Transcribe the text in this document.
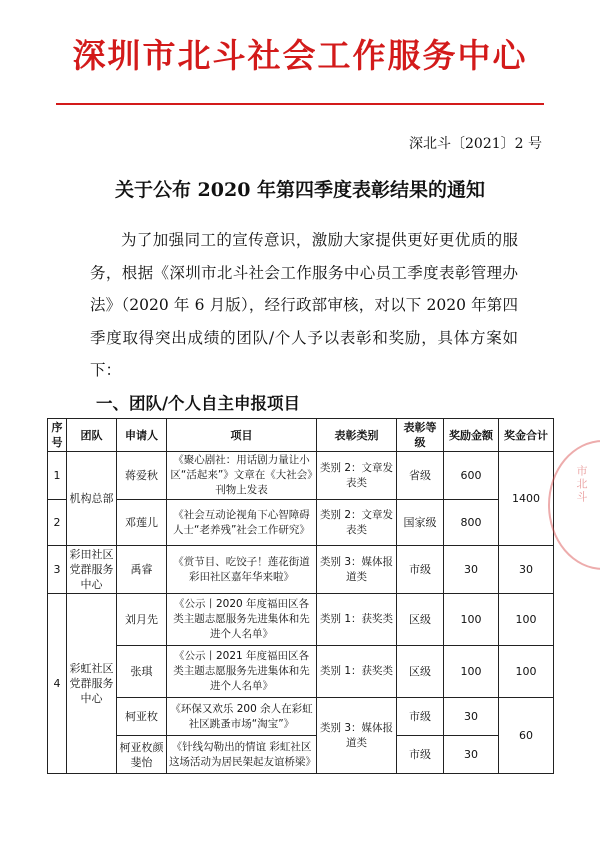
深圳市北斗社会工作服务中心
深北斗〔2021〕2 号
关于公布 2020 年第四季度表彰结果的通知

为了加强同工的宣传意识，激励大家提供更好更优质的服务，根据《深圳市北斗社会工作服务中心员工季度表彰管理办法》（2020 年 6 月版），经行政部审核，对以下 2020 年第四季度取得突出成绩的团队/个人予以表彰和奖励，具体方案如下：

一、团队/个人自主申报项目
序号	团队	申请人	项目	表彰类别	表彰等级	奖励金额	奖金合计
1	机构总部	蒋爱秋	《聚心剧社：用话剧力量让小区“活起来”》文章在《大社会》刊物上发表	类别 2：文章发表类	省级	600	1400
2		邓莲儿	《社会互动论视角下心智障碍人士“老养残”社会工作研究》	类别 2：文章发表类	国家级	800	
3	彩田社区党群服务中心	禹睿	《赏节目、吃饺子！莲花街道彩田社区嘉年华来啦》	类别 3：媒体报道类	市级	30	30
4	彩虹社区党群服务中心	刘月先	《公示丨2020 年度福田区各类主题志愿服务先进集体和先进个人名单》	类别 1：获奖类	区级	100	100
		张琪	《公示丨2021 年度福田区各类主题志愿服务先进集体和先进个人名单》	类别 1：获奖类	区级	100	100
		柯亚枚	《环保又欢乐 200 余人在彩虹社区跳蚤市场“淘宝”》	类别 3：媒体报道类	市级	30	60
		柯亚枚颜斐怡	《针线勾勒出的情谊 彩虹社区这场活动为居民架起友谊桥梁》		市级	30	
市北斗
